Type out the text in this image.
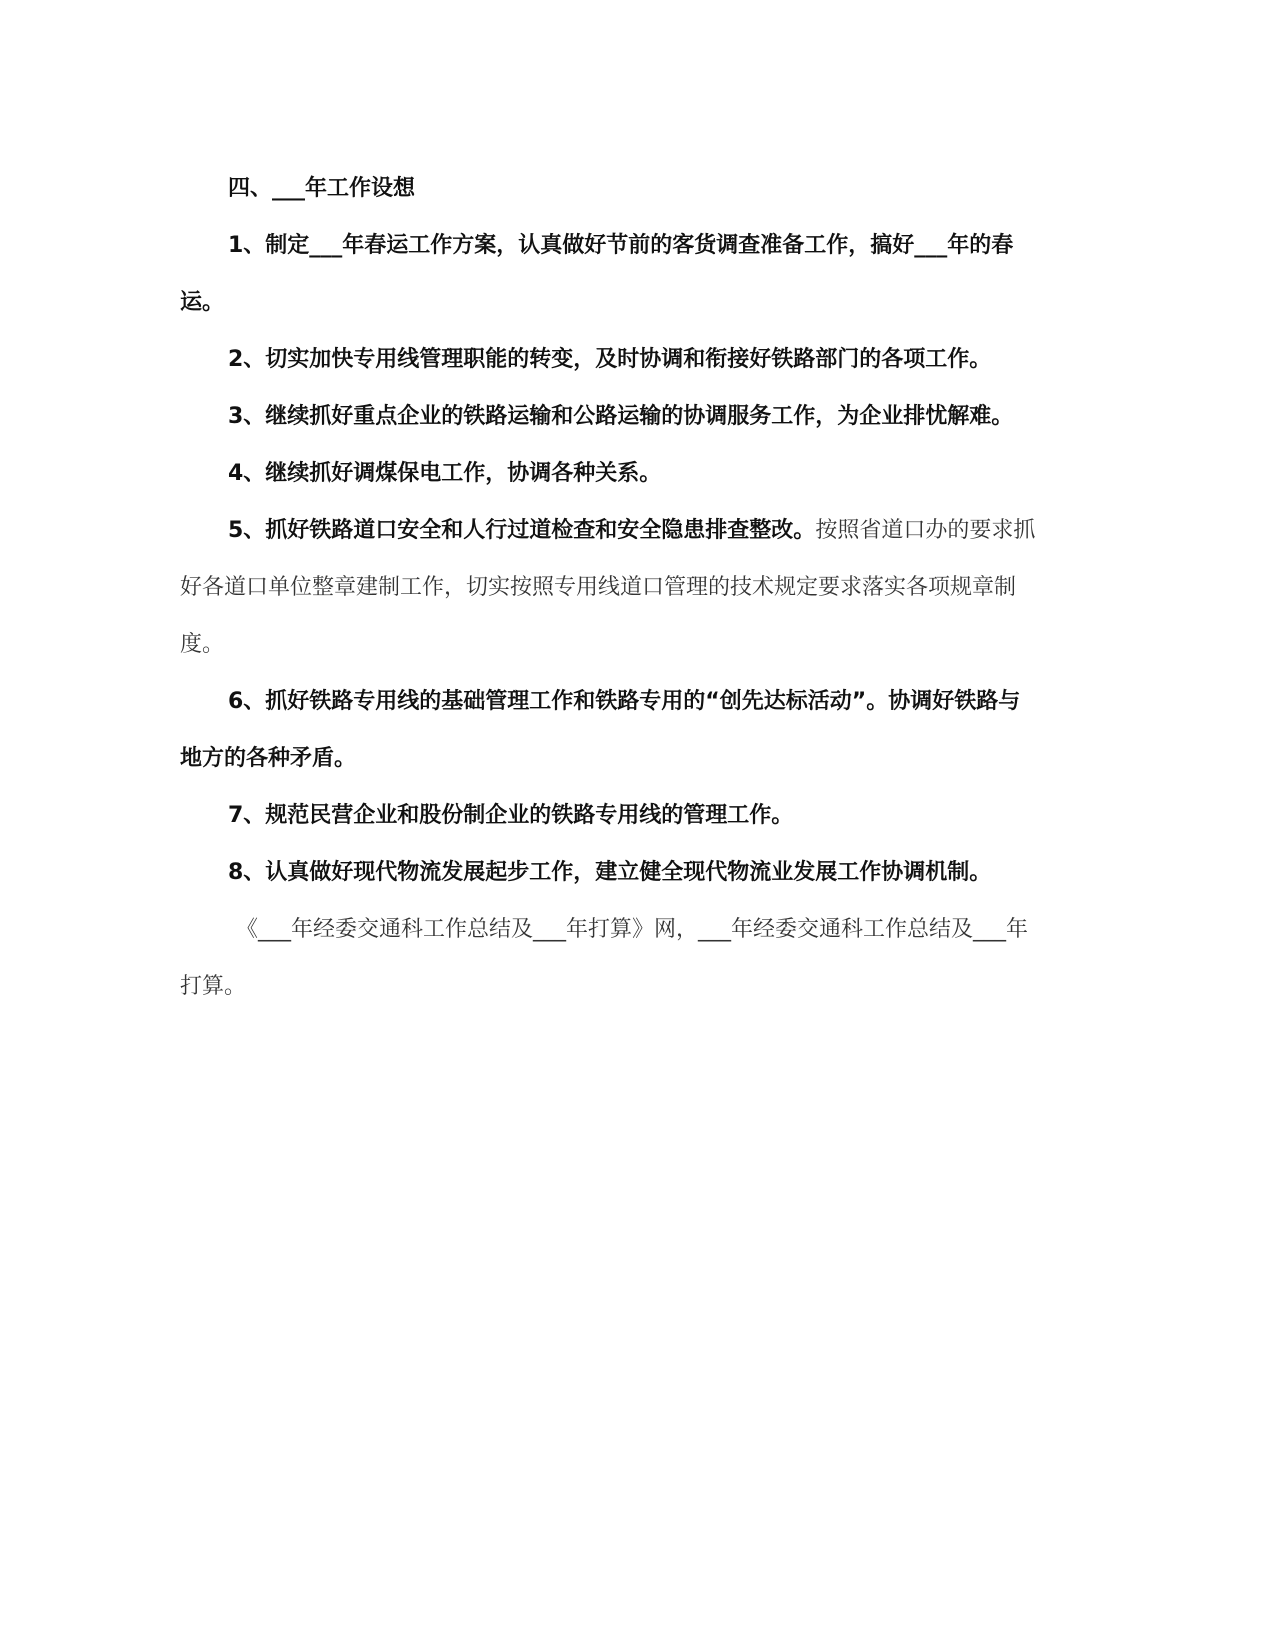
四、___年工作设想

1、制定___年春运工作方案，认真做好节前的客货调查准备工作，搞好___年的春运。

2、切实加快专用线管理职能的转变，及时协调和衔接好铁路部门的各项工作。

3、继续抓好重点企业的铁路运输和公路运输的协调服务工作，为企业排忧解难。

4、继续抓好调煤保电工作，协调各种关系。

5、抓好铁路道口安全和人行过道检查和安全隐患排查整改。按照省道口办的要求抓好各道口单位整章建制工作，切实按照专用线道口管理的技术规定要求落实各项规章制度。

6、抓好铁路专用线的基础管理工作和铁路专用的“创先达标活动”。协调好铁路与地方的各种矛盾。

7、规范民营企业和股份制企业的铁路专用线的管理工作。

8、认真做好现代物流发展起步工作，建立健全现代物流业发展工作协调机制。

《___年经委交通科工作总结及___年打算》网，___年经委交通科工作总结及___年打算。
